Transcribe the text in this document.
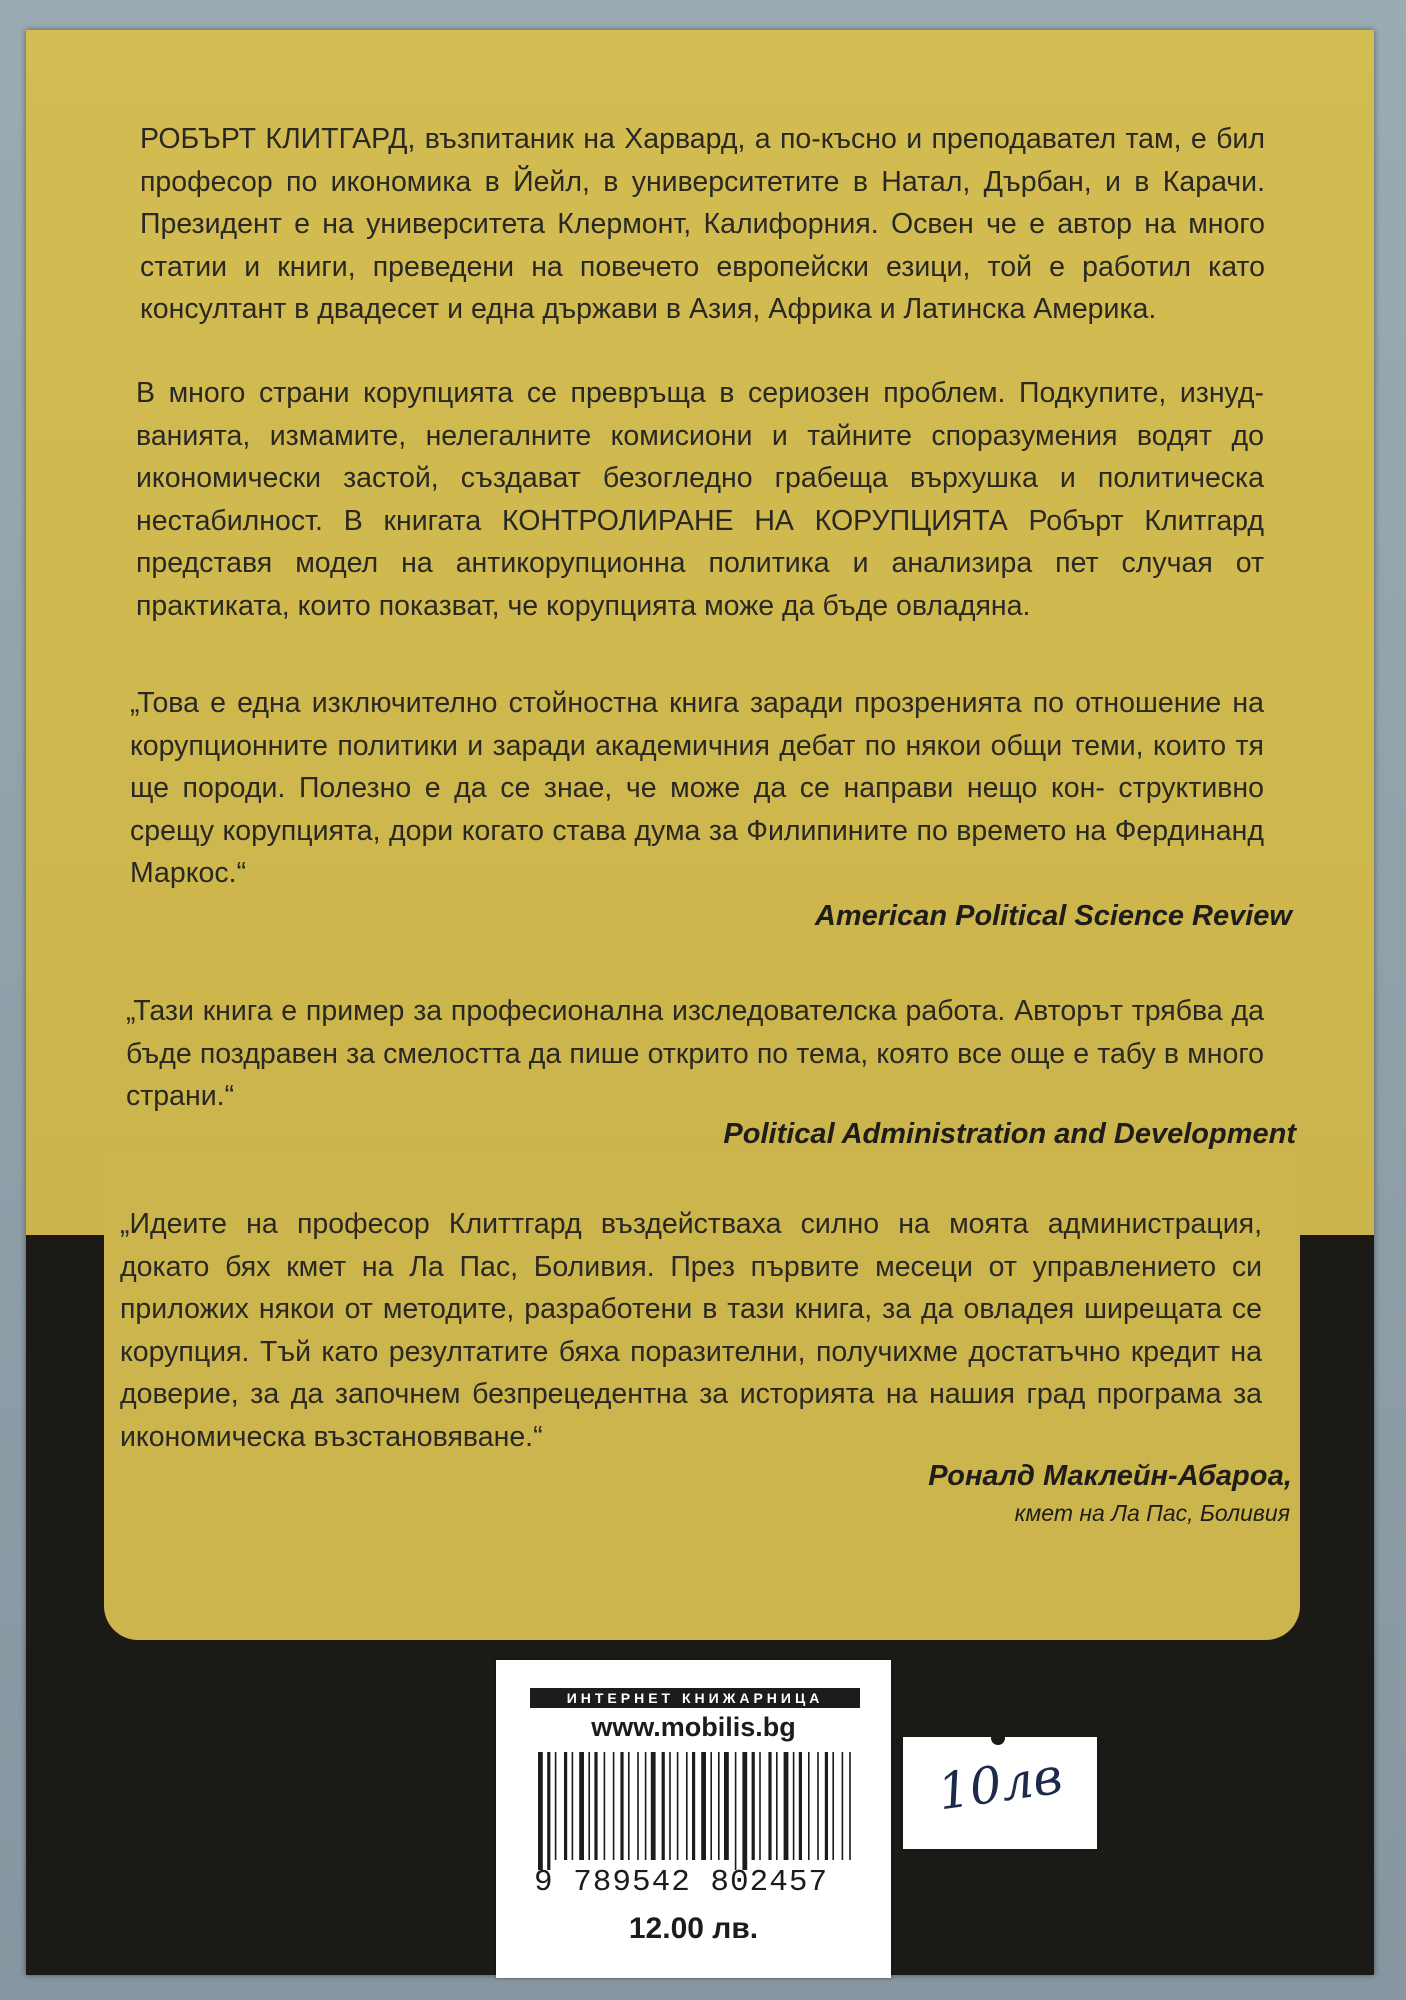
РОБЪРТ КЛИТГАРД, възпитаник на Харвард, а по-късно и преподавател там, е бил професор по икономика в Йейл, в университетите в Натал, Дърбан, и в Карачи. Президент е на университета Клермонт, Калифорния. Освен че е автор на много статии и книги, преведени на повечето европейски езици, той е работил като консултант в двадесет и една държави в Азия, Африка и Латинска Америка.
В много страни корупцията се превръща в сериозен проблем. Подкупите, изнуд- ванията, измамите, нелегалните комисиони и тайните споразумения водят до икономически застой, създават безогледно грабеща върхушка и политическа нестабилност. В книгата КОНТРОЛИРАНЕ НА КОРУПЦИЯТА Робърт Клитгард представя модел на антикорупционна политика и анализира пет случая от практиката, които показват, че корупцията може да бъде овладяна.
„Това е една изключително стойностна книга заради прозренията по отношение на корупционните политики и заради академичния дебат по някои общи теми, които тя ще породи. Полезно е да се знае, че може да се направи нещо кон- структивно срещу корупцията, дори когато става дума за Филипините по времето на Фердинанд Маркос.“
American Political Science Review
„Тази книга е пример за професионална изследователска работа. Авторът трябва да бъде поздравен за смелостта да пише открито по тема, която все още е табу в много страни.“
Political Administration and Development
„Идеите на професор Клиттгард въздействаха силно на моята администрация, докато бях кмет на Ла Пас, Боливия. През първите месеци от управлението си приложих някои от методите, разработени в тази книга, за да овладея ширещата се корупция. Тъй като резултатите бяха поразителни, получихме достатъчно кредит на доверие, за да започнем безпрецедентна за историята на нашия град програма за икономическа възстановяване.“
Роналд Маклейн-Абароа,
кмет на Ла Пас, Боливия
ИНТЕРНЕТ КНИЖАРНИЦА
www.mobilis.bg
9 789542 802457
12.00 лв.
10лв
